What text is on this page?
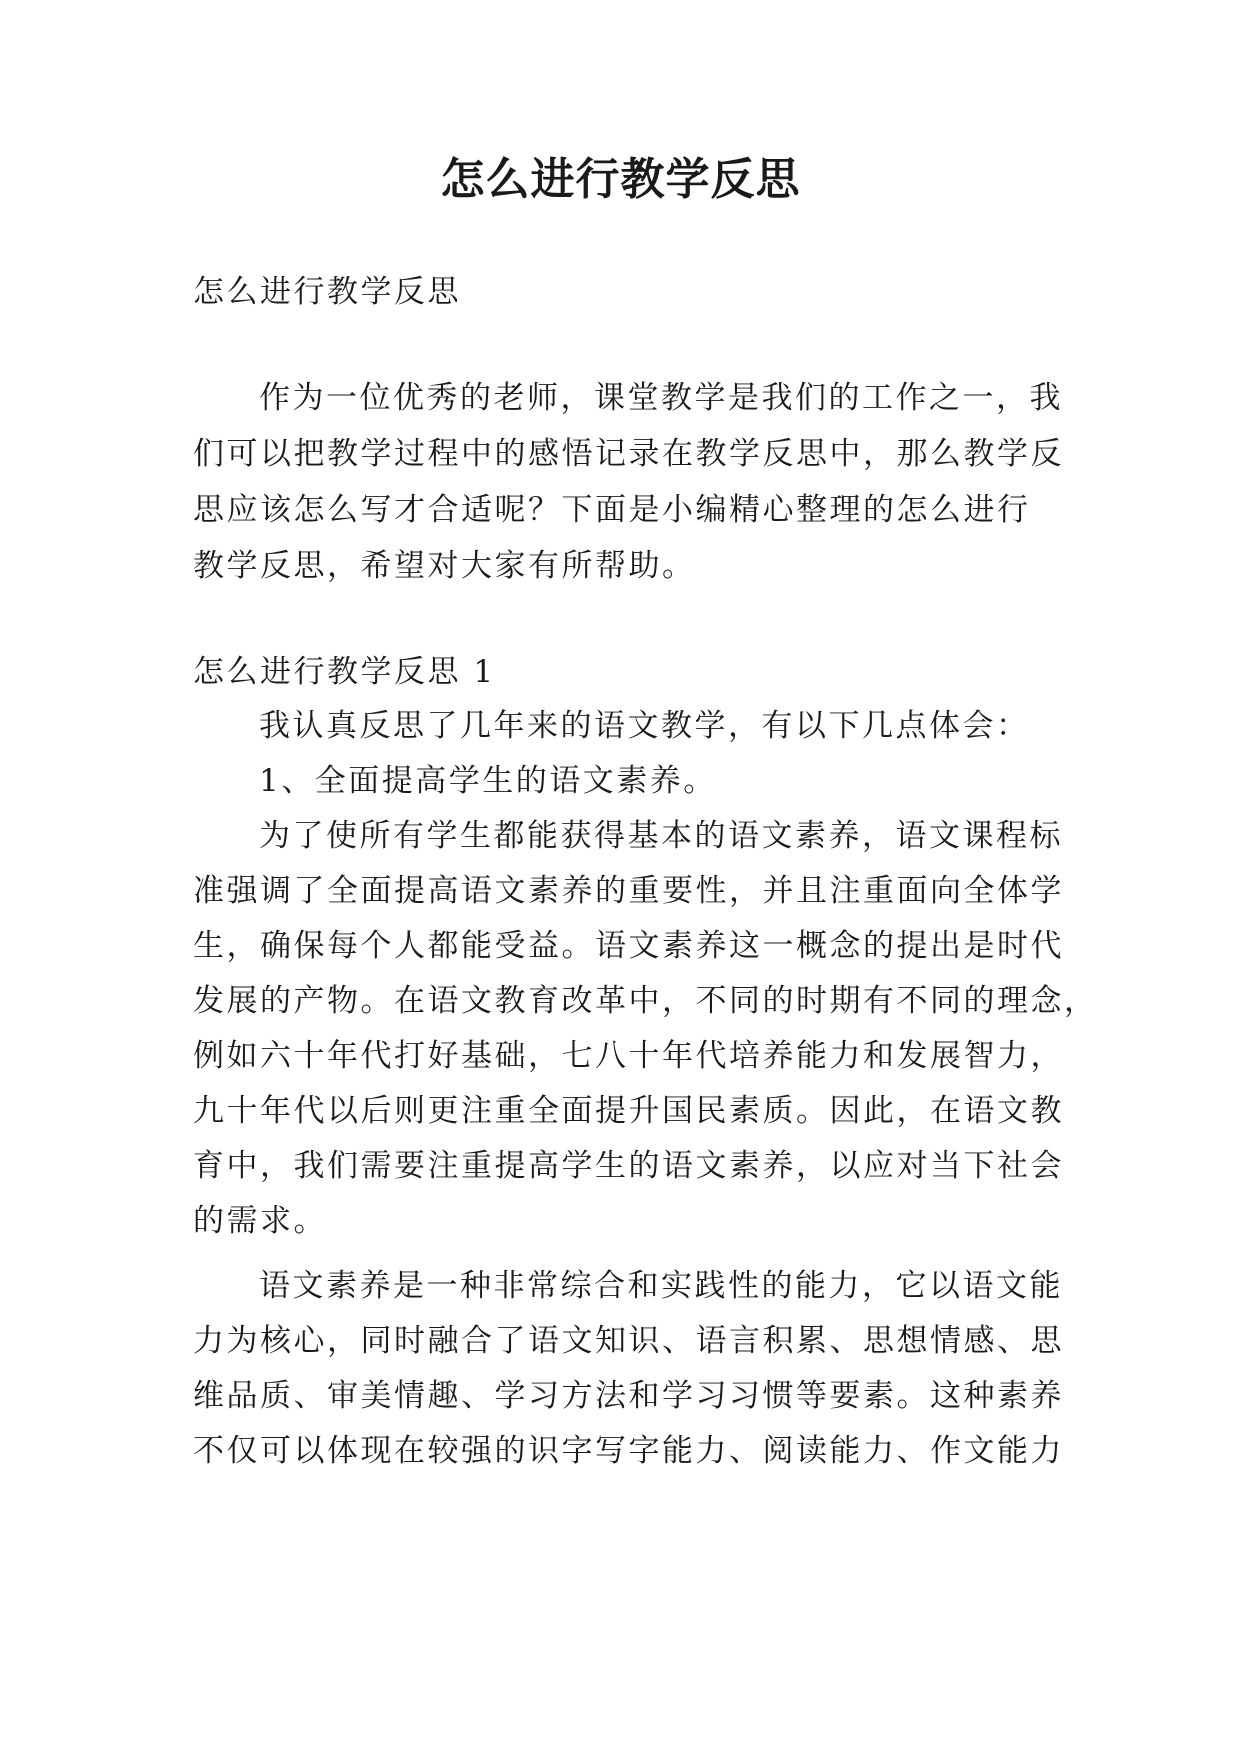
怎么进行教学反思
怎么进行教学反思
作为一位优秀的老师，课堂教学是我们的工作之一，我
们可以把教学过程中的感悟记录在教学反思中，那么教学反
思应该怎么写才合适呢？下面是小编精心整理的怎么进行
教学反思，希望对大家有所帮助。
怎么进行教学反思 1
我认真反思了几年来的语文教学，有以下几点体会：
1、全面提高学生的语文素养。
为了使所有学生都能获得基本的语文素养，语文课程标
准强调了全面提高语文素养的重要性，并且注重面向全体学
生，确保每个人都能受益。语文素养这一概念的提出是时代
发展的产物。在语文教育改革中，不同的时期有不同的理念，
例如六十年代打好基础，七八十年代培养能力和发展智力，
九十年代以后则更注重全面提升国民素质。因此，在语文教
育中，我们需要注重提高学生的语文素养，以应对当下社会
的需求。
语文素养是一种非常综合和实践性的能力，它以语文能
力为核心，同时融合了语文知识、语言积累、思想情感、思
维品质、审美情趣、学习方法和学习习惯等要素。这种素养
不仅可以体现在较强的识字写字能力、阅读能力、作文能力
